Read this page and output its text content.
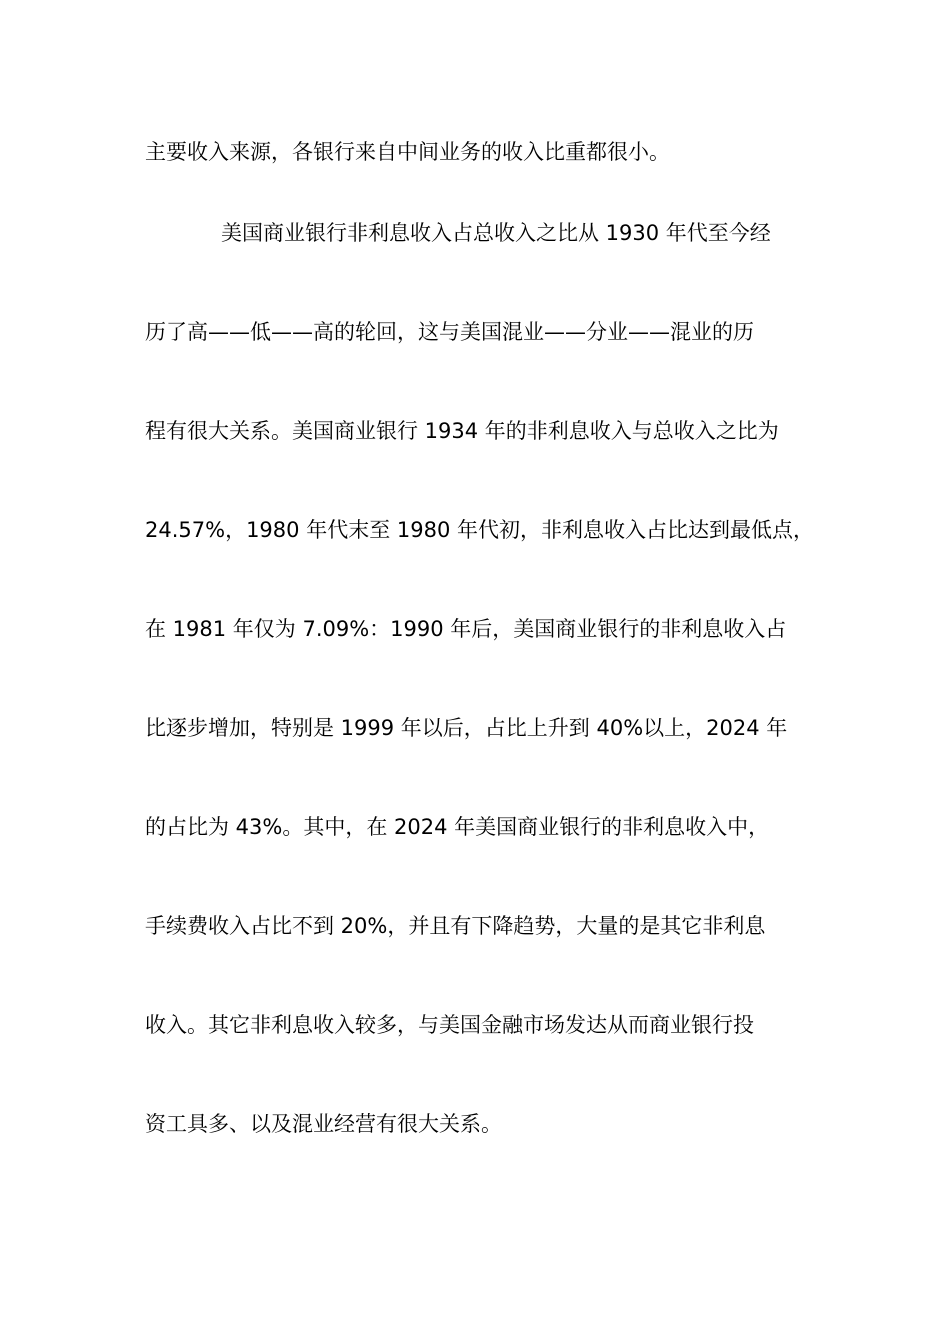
主要收入来源，各银行来自中间业务的收入比重都很小。
美国商业银行非利息收入占总收入之比从 1930 年代至今经
历了高——低——高的轮回，这与美国混业——分业——混业的历
程有很大关系。美国商业银行 1934 年的非利息收入与总收入之比为
24.57%，1980 年代末至 1980 年代初，非利息收入占比达到最低点，
在 1981 年仅为 7.09%：1990 年后，美国商业银行的非利息收入占
比逐步增加，特别是 1999 年以后，占比上升到 40%以上，2024 年
的占比为 43%。其中，在 2024 年美国商业银行的非利息收入中，
手续费收入占比不到 20%，并且有下降趋势，大量的是其它非利息
收入。其它非利息收入较多，与美国金融市场发达从而商业银行投
资工具多、以及混业经营有很大关系。
